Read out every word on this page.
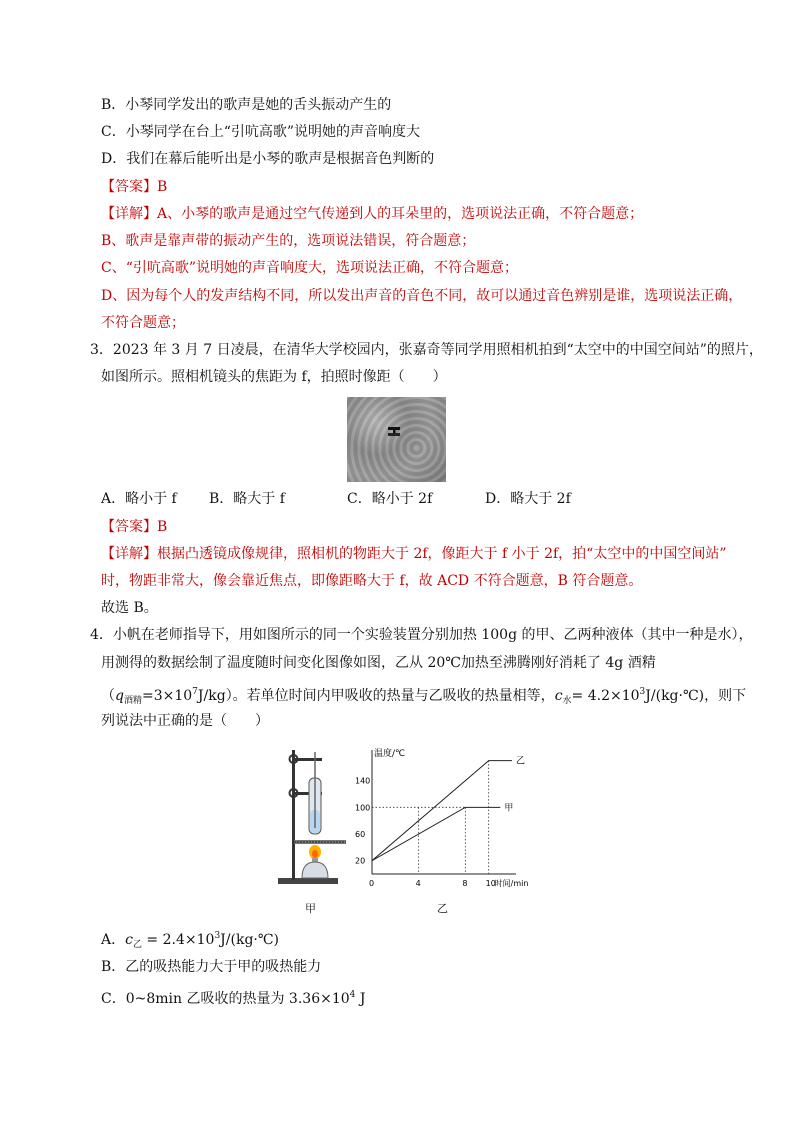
B．小琴同学发出的歌声是她的舌头振动产生的
C．小琴同学在台上“引吭高歌”说明她的声音响度大
D．我们在幕后能听出是小琴的歌声是根据音色判断的
【答案】B
【详解】A、小琴的歌声是通过空气传递到人的耳朵里的，选项说法正确，不符合题意；
B、歌声是靠声带的振动产生的，选项说法错误，符合题意；
C、“引吭高歌”说明她的声音响度大，选项说法正确，不符合题意；
D、因为每个人的发声结构不同，所以发出声音的音色不同，故可以通过音色辨别是谁，选项说法正确，
不符合题意；
3．2023 年 3 月 7 日凌晨，在清华大学校园内，张嘉奇等同学用照相机拍到“太空中的中国空间站”的照片，
如图所示。照相机镜头的焦距为 f，拍照时像距（　　）
A．略小于 f B．略大于 f	C．略小于 2f	D．略大于 2f
【答案】B
【详解】根据凸透镜成像规律，照相机的物距大于 2f，像距大于 f 小于 2f，拍“太空中的中国空间站”
时，物距非常大，像会靠近焦点，即像距略大于 f，故 ACD 不符合题意，B 符合题意。
故选 B。
4．小帆在老师指导下，用如图所示的同一个实验装置分别加热 100g 的甲、乙两种液体（其中一种是水），
用测得的数据绘制了温度随时间变化图像如图，乙从 20℃加热至沸腾刚好消耗了 4g 酒精
$(q_{酒精}=3\times 10^7J/kg)$。若单位时间内甲吸收的热量与乙吸收的热量相等，$c_水=$ $4.2\times 10^3J/(kg\cdot℃)$，则下
列说法中正确的是（　　）
甲
温度/℃
时间/min
0	4	8 10
20
60
100
140
乙
甲
乙
A．$c_乙$ = $2.4\times 10^3J/(kg\cdot℃)$
B．乙的吸热能力大于甲的吸热能力
C．0~8min 乙吸收的热量为 $3.36\times 10^4$ J
